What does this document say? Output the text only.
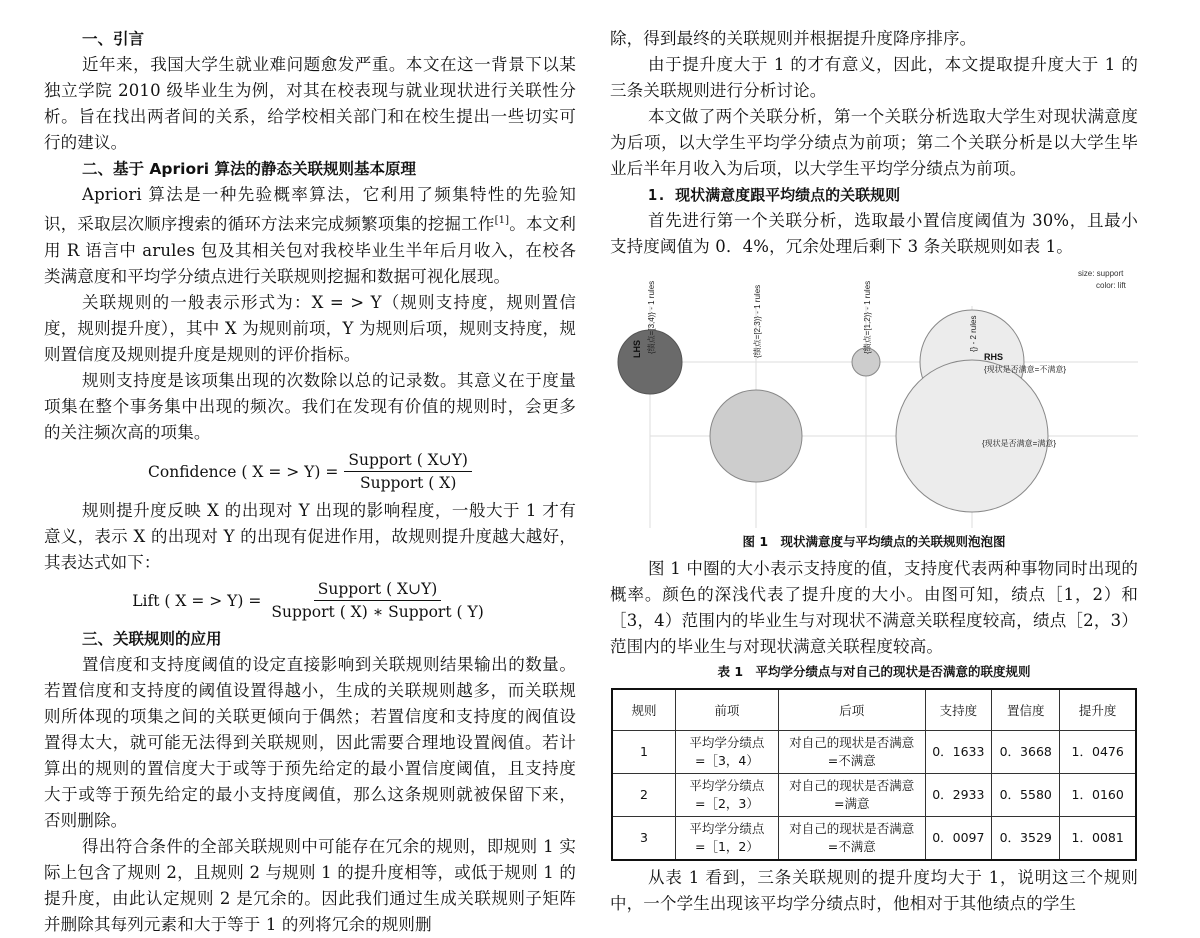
一、引言

近年来，我国大学生就业难问题愈发严重。本文在这一背景下以某独立学院 2010 级毕业生为例，对其在校表现与就业现状进行关联性分析。旨在找出两者间的关系，给学校相关部门和在校生提出一些切实可行的建议。

二、基于 Apriori 算法的静态关联规则基本原理

Apriori 算法是一种先验概率算法，它利用了频集特性的先验知识，采取层次顺序搜索的循环方法来完成频繁项集的挖掘工作[1]。本文利用 R 语言中 arules 包及其相关包对我校毕业生半年后月收入，在校各类满意度和平均学分绩点进行关联规则挖掘和数据可视化展现。

关联规则的一般表示形式为：X = > Y（规则支持度，规则置信度，规则提升度），其中 X 为规则前项，Y 为规则后项，规则支持度，规则置信度及规则提升度是规则的评价指标。

规则支持度是该项集出现的次数除以总的记录数。其意义在于度量项集在整个事务集中出现的频次。我们在发现有价值的规则时，会更多的关注频次高的项集。

Confidence ( X = > $Y) = \frac{\text{Support ( X∪Y)}}{\text{Support ( X)}}$

规则提升度反映 X 的出现对 Y 出现的影响程度，一般大于 1 才有意义，表示 X 的出现对 Y 的出现有促进作用，故规则提升度越大越好，其表达式如下：

Lift ( X = > $Y) = \frac{\text{Support ( X∪Y)}}{\text{Support ( X) ∗ Support ( Y)}}$
三、关联规则的应用

置信度和支持度阈值的设定直接影响到关联规则结果输出的数量。若置信度和支持度的阈值设置得越小，生成的关联规则越多，而关联规则所体现的项集之间的关联更倾向于偶然；若置信度和支持度的阀值设置得太大，就可能无法得到关联规则，因此需要合理地设置阀值。若计算出的规则的置信度大于或等于预先给定的最小置信度阈值，且支持度大于或等于预先给定的最小支持度阈值，那么这条规则就被保留下来，否则删除。

得出符合条件的全部关联规则中可能存在冗余的规则，即规则 1 实际上包含了规则 2，且规则 2 与规则 1 的提升度相等，或低于规则 1 的提升度，由此认定规则 2 是冗余的。因此我们通过生成关联规则子矩阵并删除其每列元素和大于等于 1 的列将冗余的规则删

除，得到最终的关联规则并根据提升度降序排序。

由于提升度大于 1 的才有意义，因此，本文提取提升度大于 1 的三条关联规则进行分析讨论。

本文做了两个关联分析，第一个关联分析选取大学生对现状满意度为后项，以大学生平均学分绩点为前项；第二个关联分析是以大学生毕业后半年月收入为后项，以大学生平均学分绩点为前项。

1. 现状满意度跟平均绩点的关联规则

首先进行第一个关联分析，选取最小置信度阈值为 30%，且最小支持度阈值为 0．4%，冗余处理后剩下 3 条关联规则如表 1。

size: support
color: lift
LHS	RHS
{绩点=[3,4)} - 1 rules	{绩点=[2,3)} - 1 rules	{绩点=[1,2)} - 1 rules	{} - 2 rules
{现状是否满意=不满意}
{现状是否满意=满意}
图 1　现状满意度与平均绩点的关联规则泡泡图

图 1 中圈的大小表示支持度的值，支持度代表两种事物同时出现的概率。颜色的深浅代表了提升度的大小。由图可知，绩点［1，2）和［3，4）范围内的毕业生与对现状不满意关联程度较高，绩点［2，3）范围内的毕业生与对现状满意关联程度较高。

表 1　平均学分绩点与对自己的现状是否满意的联度规则
规则	前项	后项	支持度	置信度	提升度
1	平均学分绩点
=［3，4）	对自己的现状是否满意
=不满意	0．1633	0．3668	1．0476
2	平均学分绩点
=［2，3）	对自己的现状是否满意
=满意	0．2933	0．5580	1．0160
3	平均学分绩点
=［1，2）	对自己的现状是否满意
=不满意	0．0097	0．3529	1．0081

从表 1 看到，三条关联规则的提升度均大于 1，说明这三个规则中，一个学生出现该平均学分绩点时，他相对于其他绩点的学生
